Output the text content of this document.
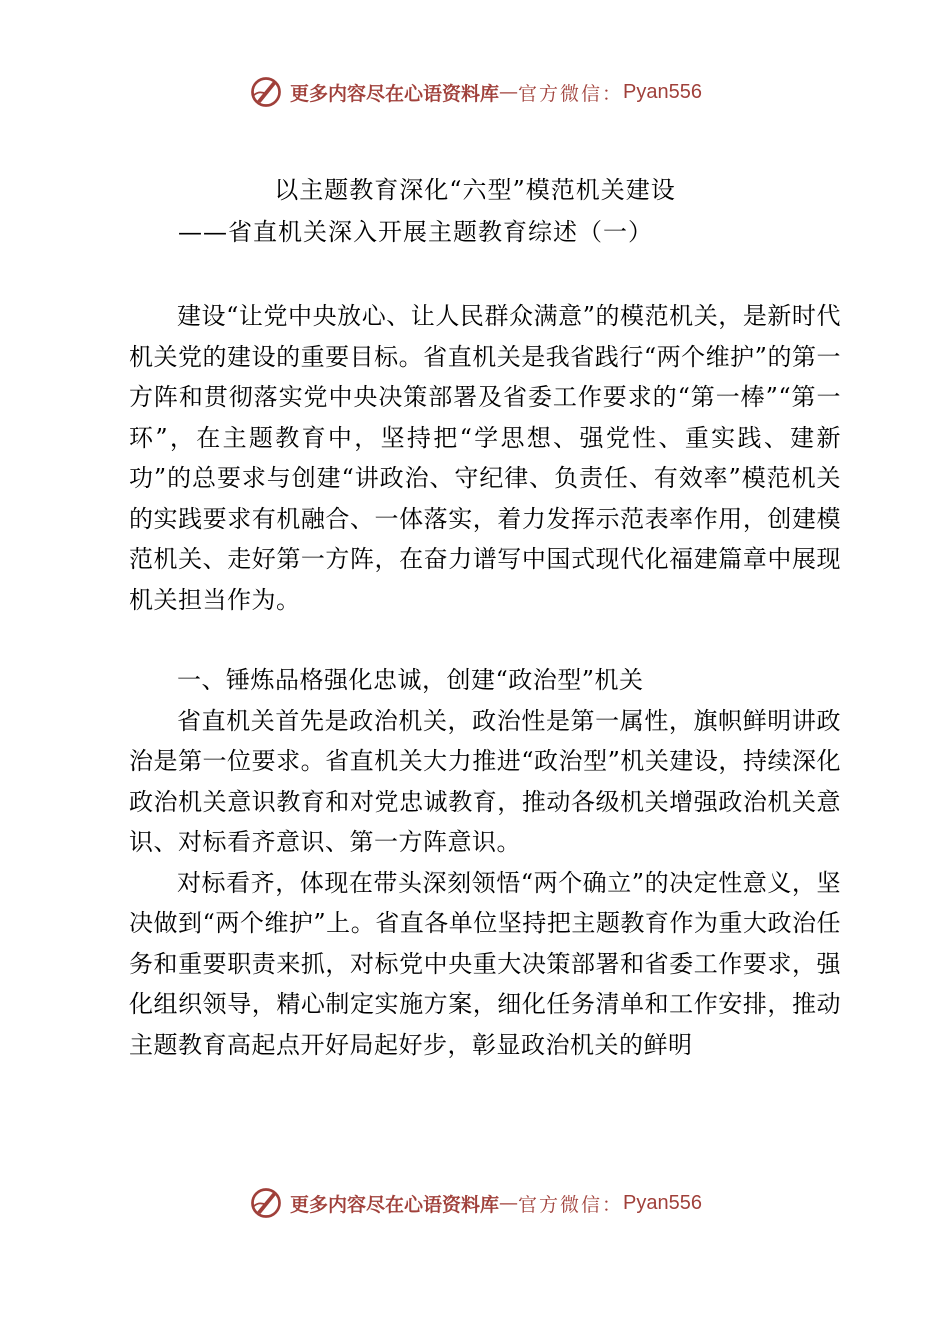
更多内容尽在心语资料库 — 官方微信： Pyan556
以主题教育深化“六型”模范机关建设
——省直机关深入开展主题教育综述（一）

建设“让党中央放心、让人民群众满意”的模范机关，是新时代机关党的建设的重要目标。省直机关是我省践行“两个维护”的第一方阵和贯彻落实党中央决策部署及省委工作要求的“第一棒”“第一环”，在主题教育中，坚持把“学思想、强党性、重实践、建新功”的总要求与创建“讲政治、守纪律、负责任、有效率”模范机关的实践要求有机融合、一体落实，着力发挥示范表率作用，创建模范机关、走好第一方阵，在奋力谱写中国式现代化福建篇章中展现机关担当作为。

一、锤炼品格强化忠诚，创建“政治型”机关

省直机关首先是政治机关，政治性是第一属性，旗帜鲜明讲政治是第一位要求。省直机关大力推进“政治型”机关建设，持续深化政治机关意识教育和对党忠诚教育，推动各级机关增强政治机关意识、对标看齐意识、第一方阵意识。

对标看齐，体现在带头深刻领悟“两个确立”的决定性意义，坚决做到“两个维护”上。省直各单位坚持把主题教育作为重大政治任务和重要职责来抓，对标党中央重大决策部署和省委工作要求，强化组织领导，精心制定实施方案，细化任务清单和工作安排，推动主题教育高起点开好局起好步，彰显政治机关的鲜明

更多内容尽在心语资料库 — 官方微信： Pyan556
